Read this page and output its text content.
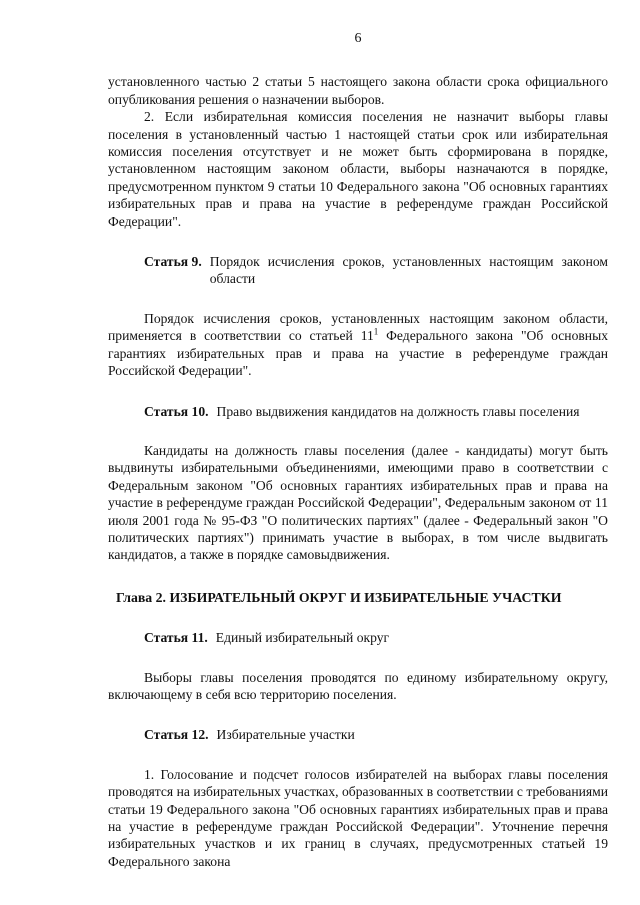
6

установленного частью 2 статьи 5 настоящего закона области срока официального опубликования решения о назначении выборов.

2. Если избирательная комиссия поселения не назначит выборы главы поселения в установленный частью 1 настоящей статьи срок или избирательная комиссия поселения отсутствует и не может быть сформирована в порядке, установленном настоящим законом области, выборы назначаются в порядке, предусмотренном пунктом 9 статьи 10 Федерального закона "Об основных гарантиях избирательных прав и права на участие в референдуме граждан Российской Федерации".

Статья 9. Порядок исчисления сроков, установленных настоящим законом области

Порядок исчисления сроков, установленных настоящим законом области, применяется в соответствии со статьей $11^1$ Федерального закона "Об основных гарантиях избирательных прав и права на участие в референдуме граждан Российской Федерации".

Статья 10. Право выдвижения кандидатов на должность главы поселения

Кандидаты на должность главы поселения (далее - кандидаты) могут быть выдвинуты избирательными объединениями, имеющими право в соответствии с Федеральным законом "Об основных гарантиях избирательных прав и права на участие в референдуме граждан Российской Федерации", Федеральным законом от 11 июля 2001 года № 95-ФЗ "О политических партиях" (далее - Федеральный закон "О политических партиях") принимать участие в выборах, в том числе выдвигать кандидатов, а также в порядке самовыдвижения.

Глава 2. ИЗБИРАТЕЛЬНЫЙ ОКРУГ И ИЗБИРАТЕЛЬНЫЕ УЧАСТКИ
Статья 11. Единый избирательный округ

Выборы главы поселения проводятся по единому избирательному округу, включающему в себя всю территорию поселения.

Статья 12. Избирательные участки

1. Голосование и подсчет голосов избирателей на выборах главы поселения проводятся на избирательных участках, образованных в соответствии с требованиями статьи 19 Федерального закона "Об основных гарантиях избирательных прав и права на участие в референдуме граждан Российской Федерации". Уточнение перечня избирательных участков и их границ в случаях, предусмотренных статьей 19 Федерального закона
